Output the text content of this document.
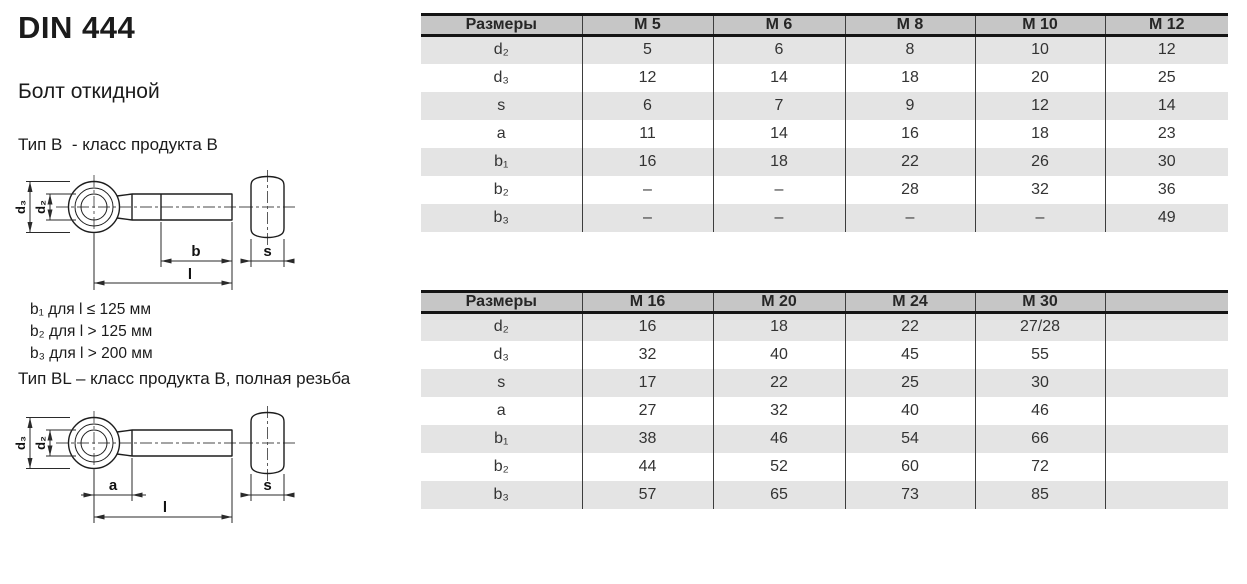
DIN 444
Болт откидной
Тип B  - класс продукта B
d₃ d₂
b
l
s
b₁ для l ≤ 125 мм
b₂ для l > 125 мм
b₃ для l > 200 мм
Тип BL – класс продукта B, полная резьба
d₃ d₂
a
l
s
Размеры	M 5	M 6	M 8	M 10	M 12
d₂	5	6	8	10	12
d₃	12	14	18	20	25
s	6	7	9	12	14
a	11	14	16	18	23
b₁	16	18	22	26	30
b₂	–	–	28	32	36
b₃	–	–	–	–	49
Размеры	M 16	M 20	M 24	M 30	
d₂	16	18	22	27/28	
d₃	32	40	45	55	
s	17	22	25	30	
a	27	32	40	46	
b₁	38	46	54	66	
b₂	44	52	60	72	
b₃	57	65	73	85	
